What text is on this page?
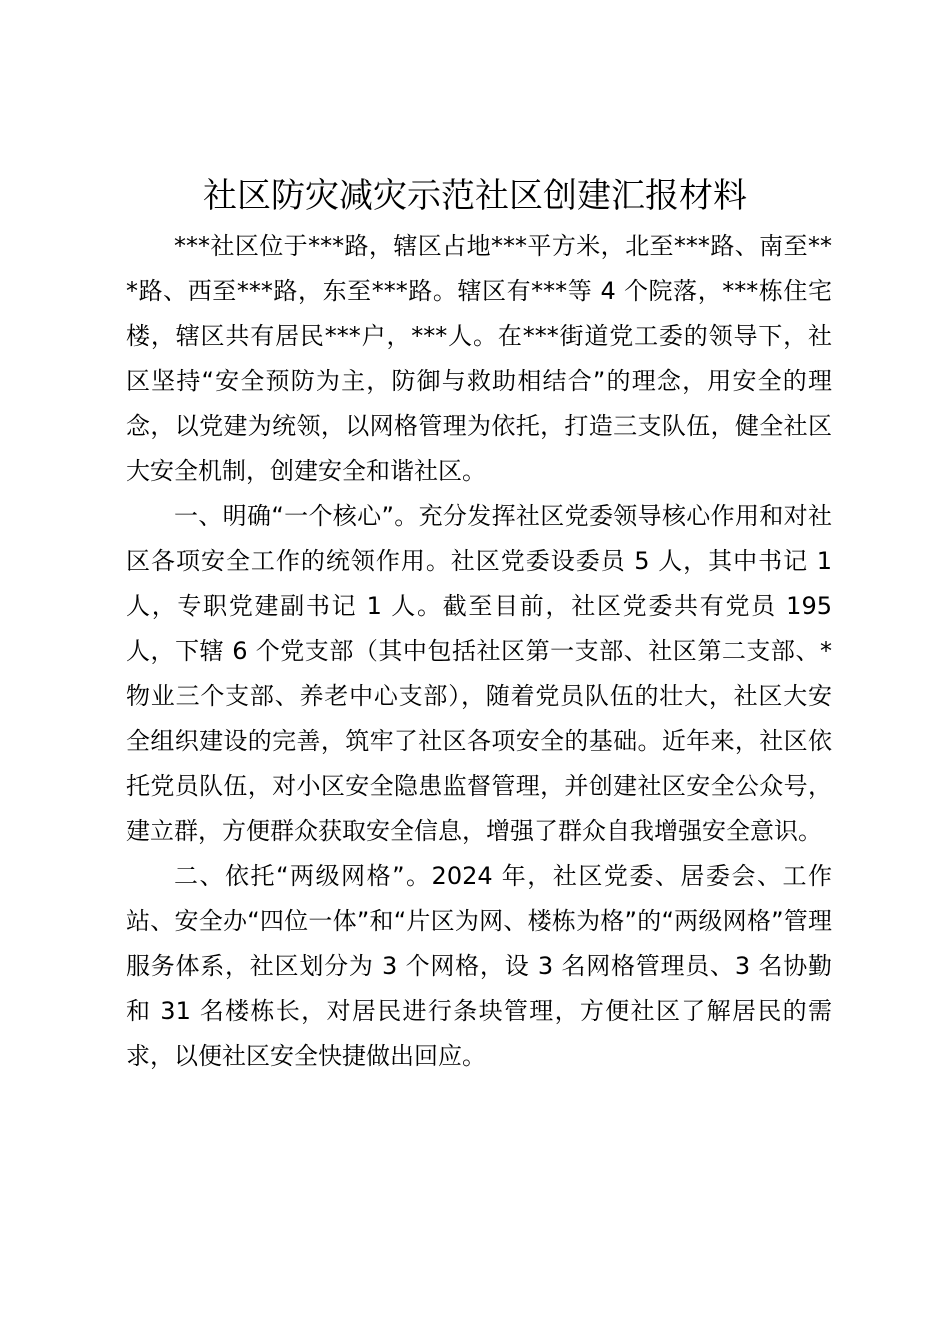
社区防灾减灾示范社区创建汇报材料

***社区位于***路，辖区占地***平方米，北至***路、南至***路、西至***路，东至***路。辖区有***等 4 个院落，***栋住宅楼，辖区共有居民***户，***人。在***街道党工委的领导下，社区坚持“安全预防为主，防御与救助相结合”的理念，用安全的理念，以党建为统领，以网格管理为依托，打造三支队伍，健全社区大安全机制，创建安全和谐社区。

一、明确“一个核心”。充分发挥社区党委领导核心作用和对社区各项安全工作的统领作用。社区党委设委员 5 人，其中书记 1 人，专职党建副书记 1 人。截至目前，社区党委共有党员 195 人，下辖 6 个党支部（其中包括社区第一支部、社区第二支部、*物业三个支部、养老中心支部），随着党员队伍的壮大，社区大安全组织建设的完善，筑牢了社区各项安全的基础。近年来，社区依托党员队伍，对小区安全隐患监督管理，并创建社区安全公众号，建立群，方便群众获取安全信息，增强了群众自我增强安全意识。

二、依托“两级网格”。2024 年，社区党委、居委会、工作站、安全办“四位一体”和“片区为网、楼栋为格”的“两级网格”管理服务体系，社区划分为 3 个网格，设 3 名网格管理员、3 名协勤和 31 名楼栋长，对居民进行条块管理，方便社区了解居民的需求，以便社区安全快捷做出回应。
